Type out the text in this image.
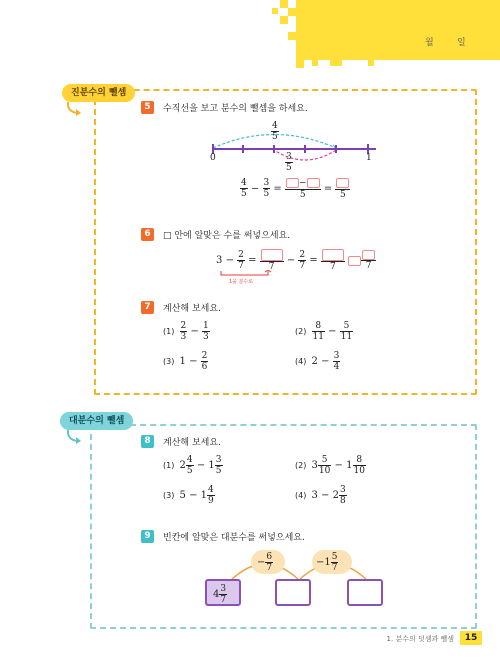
월	일
진분수의 뺄셈
5	수직선을 보고 분수의 뺄셈을 하세요.
$\frac{4}{5}$
$\frac{3}{5}$
0	1
$\frac{4}{5} - \frac{3}{5}$ =	−
5
=
5
6	□ 안에 알맞은 수를 써넣으세요.
$3 - \frac{2}{7}$ =
7
− $\frac{2}{7}$ =
7
	7
1을 분수로
7	계산해 보세요.
$(1) \frac{2}{3} - \frac{1}{3}$	$(2) \frac{8}{11} - \frac{5}{11}$
(3) $1 - \frac{2}{6}$	(4) $2 - \frac{3}{4}$
대분수의 뺄셈
8	계산해 보세요.
(1) $2 \frac{4}{5} - 1 \frac{3}{5}$	(2) $3 \frac{5}{10} - 1 \frac{8}{10}$
(3) $5 - 1 \frac{4}{9}$	(4) $3 - 2 \frac{3}{8}$
9	빈칸에 알맞은 대분수를 써넣으세요.
− $\frac{6}{7}$	$-1 \frac{5}{7}$
$4 \frac{3}{7}$
1. 분수의 덧셈과 뺄셈	15
